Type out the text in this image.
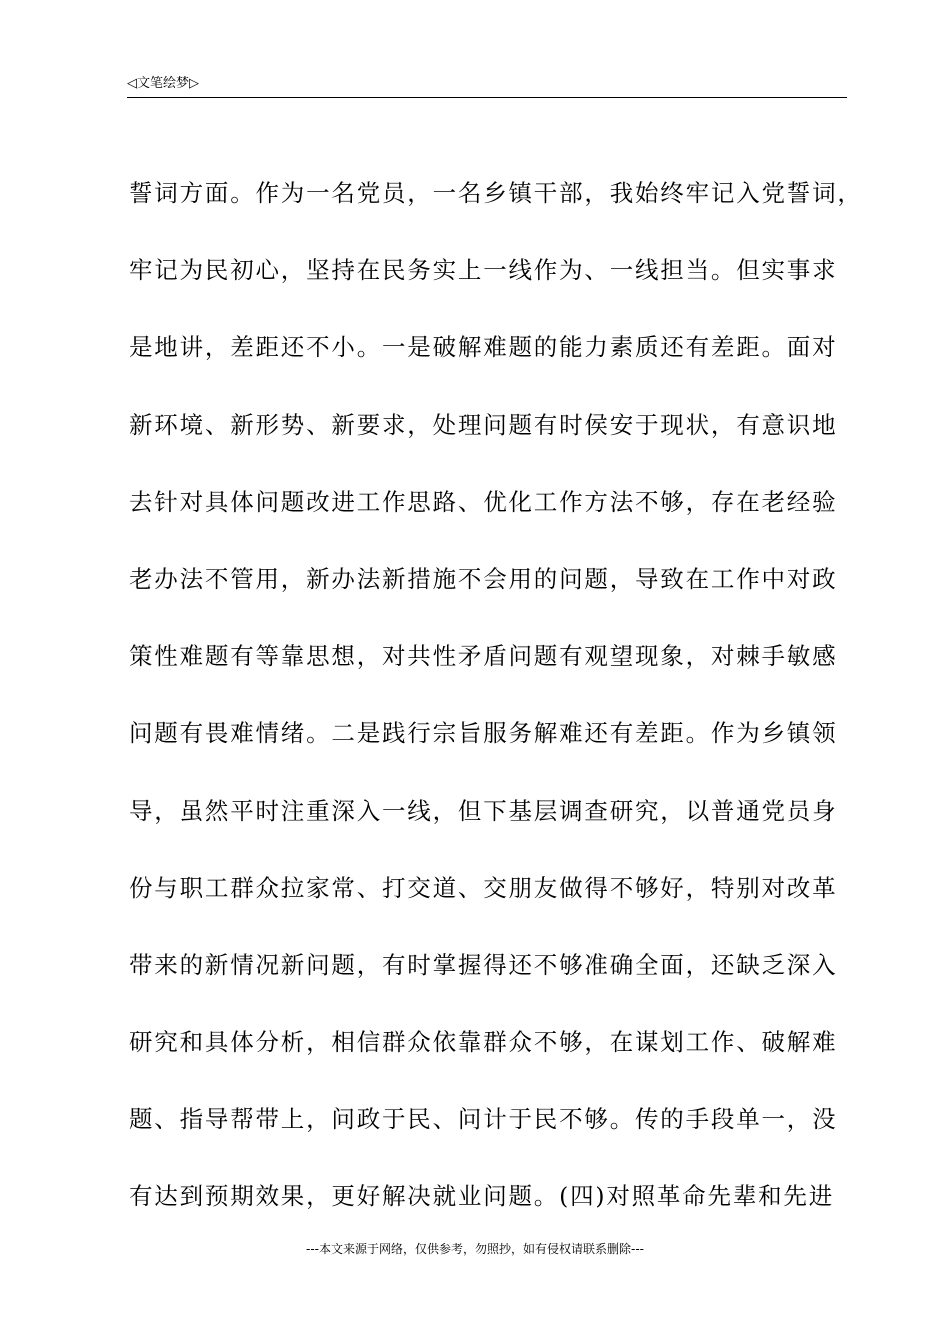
◁文笔绘梦▷
誓词方面。作为一名党员，一名乡镇干部，我始终牢记入党誓词，
牢记为民初心，坚持在民务实上一线作为、一线担当。但实事求
是地讲，差距还不小。一是破解难题的能力素质还有差距。面对
新环境、新形势、新要求，处理问题有时侯安于现状，有意识地
去针对具体问题改进工作思路、优化工作方法不够，存在老经验
老办法不管用，新办法新措施不会用的问题，导致在工作中对政
策性难题有等靠思想，对共性矛盾问题有观望现象，对棘手敏感
问题有畏难情绪。二是践行宗旨服务解难还有差距。作为乡镇领
导，虽然平时注重深入一线，但下基层调查研究，以普通党员身
份与职工群众拉家常、打交道、交朋友做得不够好，特别对改革
带来的新情况新问题，有时掌握得还不够准确全面，还缺乏深入
研究和具体分析，相信群众依靠群众不够，在谋划工作、破解难
题、指导帮带上，问政于民、问计于民不够。传的手段单一，没
有达到预期效果，更好解决就业问题。(四)对照革命先辈和先进
---本文来源于网络，仅供参考，勿照抄，如有侵权请联系删除---
